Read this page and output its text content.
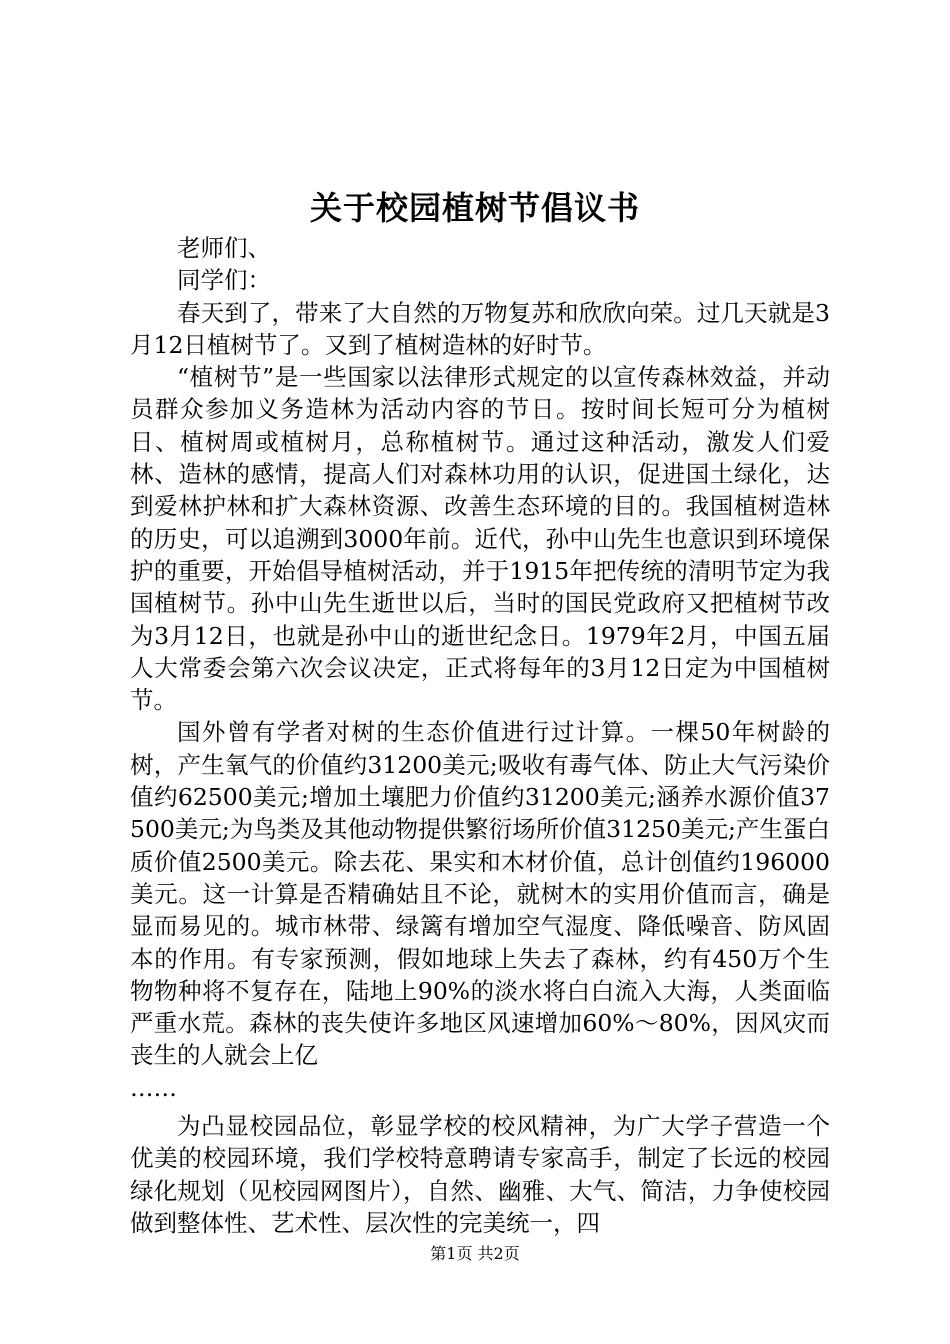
关于校园植树节倡议书

老师们、

同学们：

春天到了，带来了大自然的万物复苏和欣欣向荣。过几天就是3月12日植树节了。又到了植树造林的好时节。

“植树节”是一些国家以法律形式规定的以宣传森林效益，并动员群众参加义务造林为活动内容的节日。按时间长短可分为植树日、植树周或植树月，总称植树节。通过这种活动，激发人们爱林、造林的感情，提高人们对森林功用的认识，促进国土绿化，达到爱林护林和扩大森林资源、改善生态环境的目的。我国植树造林的历史，可以追溯到3000年前。近代，孙中山先生也意识到环境保护的重要，开始倡导植树活动，并于1915年把传统的清明节定为我国植树节。孙中山先生逝世以后，当时的国民党政府又把植树节改为3月12日，也就是孙中山的逝世纪念日。1979年2月，中国五届人大常委会第六次会议决定，正式将每年的3月12日定为中国植树节。

国外曾有学者对树的生态价值进行过计算。一棵50年树龄的树，产生氧气的价值约31200美元;吸收有毒气体、防止大气污染价值约62500美元;增加土壤肥力价值约31200美元;涵养水源价值37500美元;为鸟类及其他动物提供繁衍场所价值31250美元;产生蛋白质价值2500美元。除去花、果实和木材价值，总计创值约196000美元。这一计算是否精确姑且不论，就树木的实用价值而言，确是显而易见的。城市林带、绿篱有增加空气湿度、降低噪音、防风固本的作用。有专家预测，假如地球上失去了森林，约有450万个生物物种将不复存在，陆地上90%的淡水将白白流入大海，人类面临严重水荒。森林的丧失使许多地区风速增加60%～80%，因风灾而丧生的人就会上亿

……

为凸显校园品位，彰显学校的校风精神，为广大学子营造一个优美的校园环境，我们学校特意聘请专家高手，制定了长远的校园绿化规划（见校园网图片），自然、幽雅、大气、简洁，力争使校园做到整体性、艺术性、层次性的完美统一，四

第1页 共2页
